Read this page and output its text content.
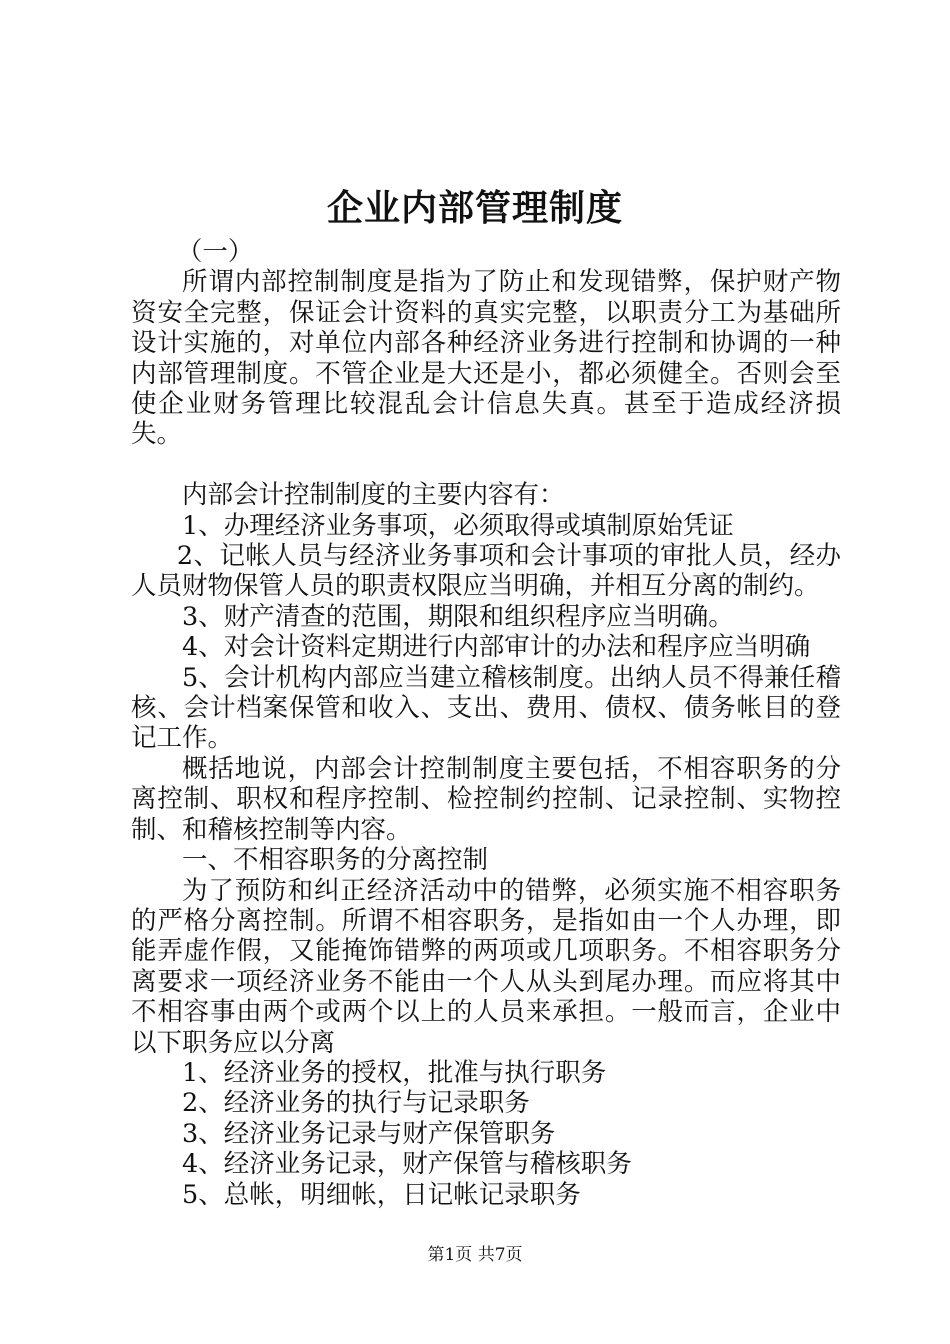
企业内部管理制度

（一）

所谓内部控制制度是指为了防止和发现错弊，保护财产物资安全完整，保证会计资料的真实完整，以职责分工为基础所设计实施的，对单位内部各种经济业务进行控制和协调的一种内部管理制度。不管企业是大还是小，都必须健全。否则会至使企业财务管理比较混乱会计信息失真。甚至于造成经济损失。

内部会计控制制度的主要内容有：

1、办理经济业务事项，必须取得或填制原始凭证

2、记帐人员与经济业务事项和会计事项的审批人员，经办人员财物保管人员的职责权限应当明确，并相互分离的制约。

3、财产清查的范围，期限和组织程序应当明确。

4、对会计资料定期进行内部审计的办法和程序应当明确

5、会计机构内部应当建立稽核制度。出纳人员不得兼任稽核、会计档案保管和收入、支出、费用、债权、债务帐目的登记工作。

概括地说，内部会计控制制度主要包括，不相容职务的分离控制、职权和程序控制、检控制约控制、记录控制、实物控制、和稽核控制等内容。

一、不相容职务的分离控制

为了预防和纠正经济活动中的错弊，必须实施不相容职务的严格分离控制。所谓不相容职务，是指如由一个人办理，即能弄虚作假，又能掩饰错弊的两项或几项职务。不相容职务分离要求一项经济业务不能由一个人从头到尾办理。而应将其中不相容事由两个或两个以上的人员来承担。一般而言，企业中以下职务应以分离

1、经济业务的授权，批准与执行职务

2、经济业务的执行与记录职务

3、经济业务记录与财产保管职务

4、经济业务记录，财产保管与稽核职务

5、总帐，明细帐，日记帐记录职务

第1页 共7页
